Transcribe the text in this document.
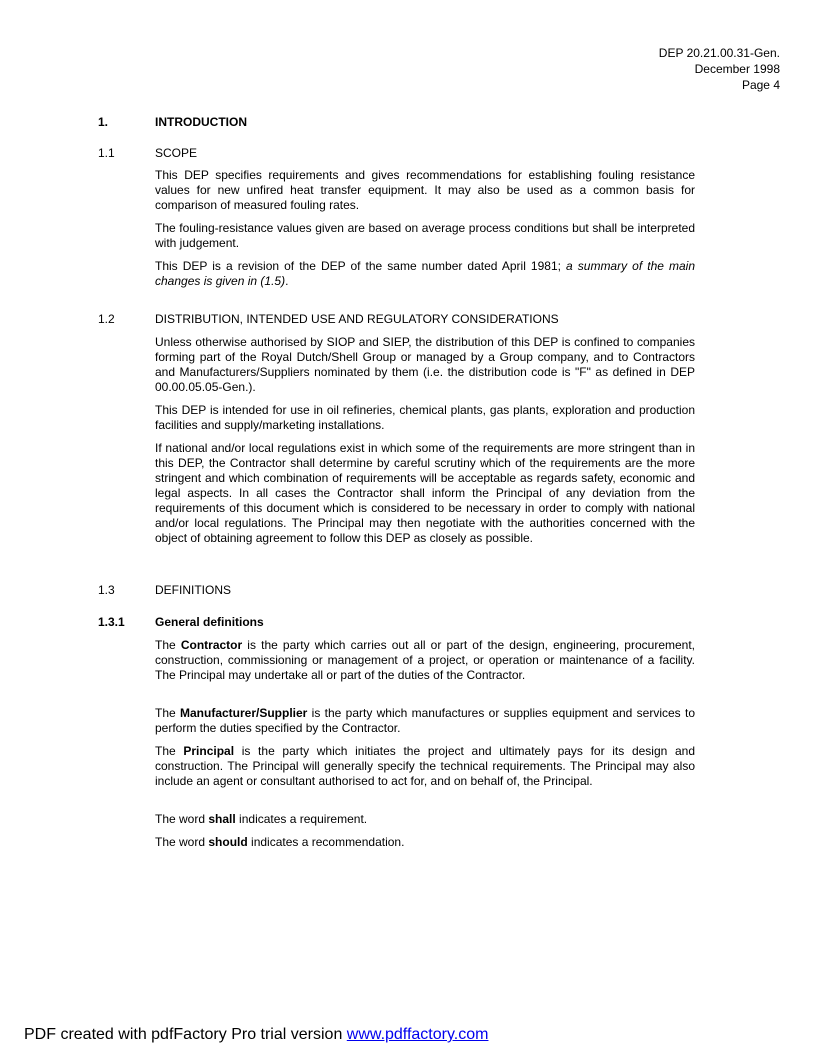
DEP 20.21.00.31-Gen.
December 1998
Page 4
1.	INTRODUCTION
1.1	SCOPE
This DEP specifies requirements and gives recommendations for establishing fouling resistance values for new unfired heat transfer equipment. It may also be used as a common basis for comparison of measured fouling rates.
The fouling-resistance values given are based on average process conditions but shall be interpreted with judgement.
This DEP is a revision of the DEP of the same number dated April 1981; a summary of the main changes is given in (1.5).
1.2	DISTRIBUTION, INTENDED USE AND REGULATORY CONSIDERATIONS
Unless otherwise authorised by SIOP and SIEP, the distribution of this DEP is confined to companies forming part of the Royal Dutch/Shell Group or managed by a Group company, and to Contractors and Manufacturers/Suppliers nominated by them (i.e. the distribution code is "F" as defined in DEP 00.00.05.05-Gen.).
This DEP is intended for use in oil refineries, chemical plants, gas plants, exploration and production facilities and supply/marketing installations.
If national and/or local regulations exist in which some of the requirements are more stringent than in this DEP, the Contractor shall determine by careful scrutiny which of the requirements are the more stringent and which combination of requirements will be acceptable as regards safety, economic and legal aspects. In all cases the Contractor shall inform the Principal of any deviation from the requirements of this document which is considered to be necessary in order to comply with national and/or local regulations. The Principal may then negotiate with the authorities concerned with the object of obtaining agreement to follow this DEP as closely as possible.
1.3	DEFINITIONS
1.3.1	General definitions
The Contractor is the party which carries out all or part of the design, engineering, procurement, construction, commissioning or management of a project, or operation or maintenance of a facility. The Principal may undertake all or part of the duties of the Contractor.
The Manufacturer/Supplier is the party which manufactures or supplies equipment and services to perform the duties specified by the Contractor.
The Principal is the party which initiates the project and ultimately pays for its design and construction. The Principal will generally specify the technical requirements. The Principal may also include an agent or consultant authorised to act for, and on behalf of, the Principal.
The word shall indicates a requirement.
The word should indicates a recommendation.
PDF created with pdfFactory Pro trial version www.pdffactory.com
